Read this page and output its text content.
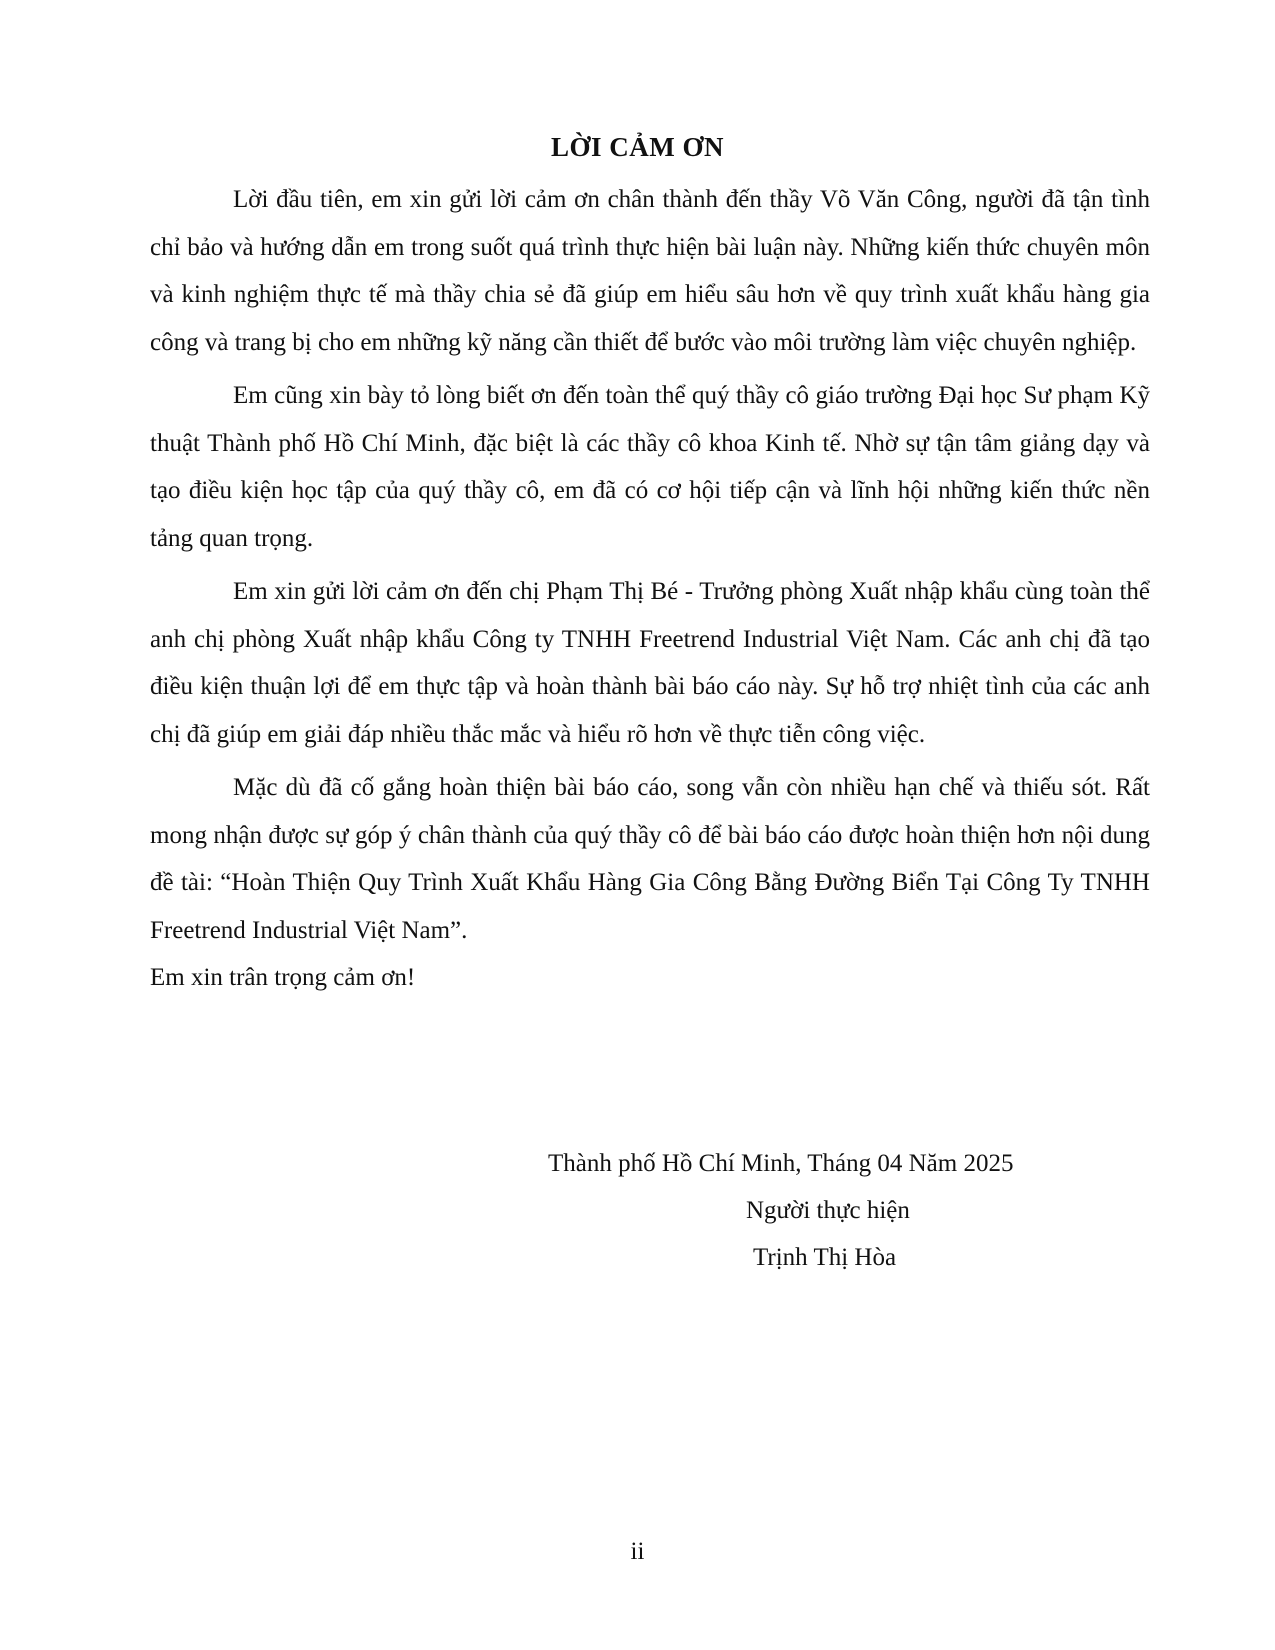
LỜI CẢM ƠN

Lời đầu tiên, em xin gửi lời cảm ơn chân thành đến thầy Võ Văn Công, người đã tận tình chỉ bảo và hướng dẫn em trong suốt quá trình thực hiện bài luận này. Những kiến thức chuyên môn và kinh nghiệm thực tế mà thầy chia sẻ đã giúp em hiểu sâu hơn về quy trình xuất khẩu hàng gia công và trang bị cho em những kỹ năng cần thiết để bước vào môi trường làm việc chuyên nghiệp.

Em cũng xin bày tỏ lòng biết ơn đến toàn thể quý thầy cô giáo trường Đại học Sư phạm Kỹ thuật Thành phố Hồ Chí Minh, đặc biệt là các thầy cô khoa Kinh tế. Nhờ sự tận tâm giảng dạy và tạo điều kiện học tập của quý thầy cô, em đã có cơ hội tiếp cận và lĩnh hội những kiến thức nền tảng quan trọng.

Em xin gửi lời cảm ơn đến chị Phạm Thị Bé - Trưởng phòng Xuất nhập khẩu cùng toàn thể anh chị phòng Xuất nhập khẩu Công ty TNHH Freetrend Industrial Việt Nam. Các anh chị đã tạo điều kiện thuận lợi để em thực tập và hoàn thành bài báo cáo này. Sự hỗ trợ nhiệt tình của các anh chị đã giúp em giải đáp nhiều thắc mắc và hiểu rõ hơn về thực tiễn công việc.

Mặc dù đã cố gắng hoàn thiện bài báo cáo, song vẫn còn nhiều hạn chế và thiếu sót. Rất mong nhận được sự góp ý chân thành của quý thầy cô để bài báo cáo được hoàn thiện hơn nội dung đề tài: “Hoàn Thiện Quy Trình Xuất Khẩu Hàng Gia Công Bằng Đường Biển Tại Công Ty TNHH Freetrend Industrial Việt Nam”.

Em xin trân trọng cảm ơn!

Thành phố Hồ Chí Minh, Tháng 04 Năm 2025
Người thực hiện
Trịnh Thị Hòa
ii
